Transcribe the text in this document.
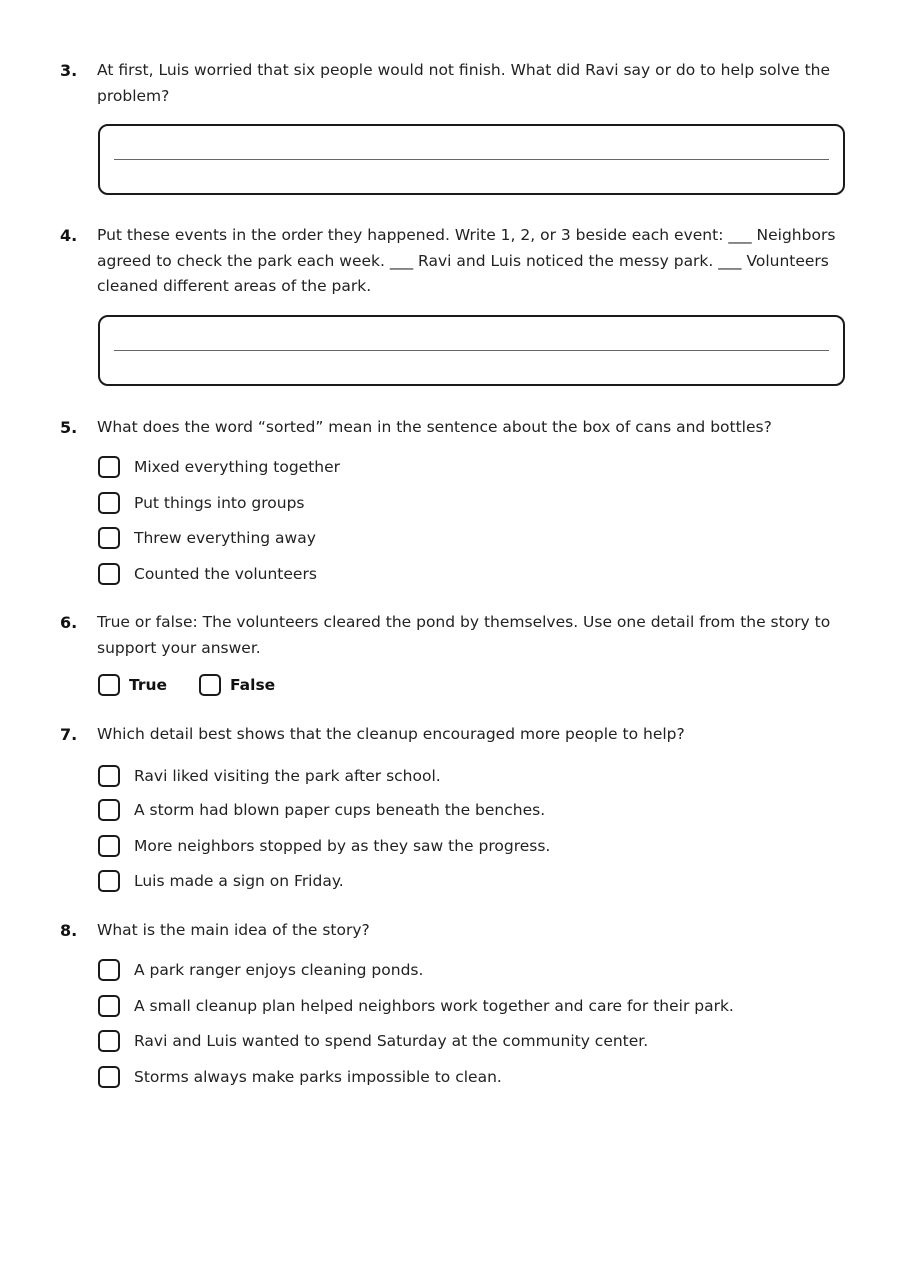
3. At first, Luis worried that six people would not finish. What did Ravi say or do to help solve the problem?
4. Put these events in the order they happened. Write 1, 2, or 3 beside each event: ___ Neighbors agreed to check the park each week. ___ Ravi and Luis noticed the messy park. ___ Volunteers cleaned different areas of the park.
5. What does the word “sorted” mean in the sentence about the box of cans and bottles?
Mixed everything together
Put things into groups
Threw everything away
Counted the volunteers
6. True or false: The volunteers cleared the pond by themselves. Use one detail from the story to support your answer.
True	False
7. Which detail best shows that the cleanup encouraged more people to help?
Ravi liked visiting the park after school.
A storm had blown paper cups beneath the benches.
More neighbors stopped by as they saw the progress.
Luis made a sign on Friday.
8. What is the main idea of the story?
A park ranger enjoys cleaning ponds.
A small cleanup plan helped neighbors work together and care for their park.
Ravi and Luis wanted to spend Saturday at the community center.
Storms always make parks impossible to clean.
